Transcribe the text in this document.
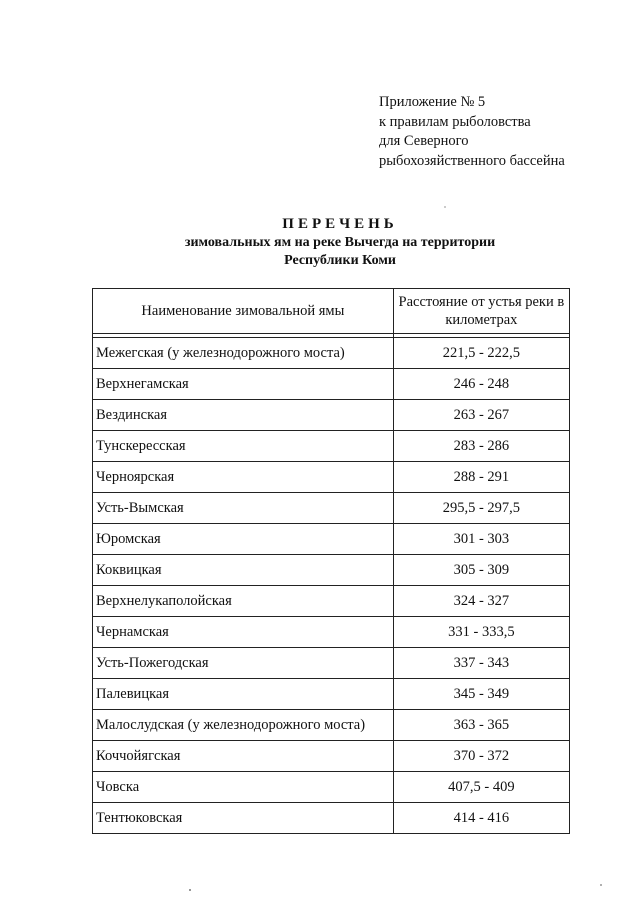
Приложение № 5
к правилам рыболовства
для Северного
рыбохозяйственного бассейна
ПЕРЕЧЕНЬ
зимовальных ям на реке Вычегда на территории
Республики Коми
Наименование зимовальной ямы	Расстояние от устья реки в километрах

Межегская (у железнодорожного моста)	221,5 - 222,5
Верхнегамская	246 - 248
Вездинская	263 - 267
Тунскересская	283 - 286
Черноярская	288 - 291
Усть-Вымская	295,5 - 297,5
Юромская	301 - 303
Коквицкая	305 - 309
Верхнелукаполойская	324 - 327
Чернамская	331 - 333,5
Усть-Пожегодская	337 - 343
Палевицкая	345 - 349
Малослудская (у железнодорожного моста)	363 - 365
Коччойягская	370 - 372
Човска	407,5 - 409
Тентюковская	414 - 416
